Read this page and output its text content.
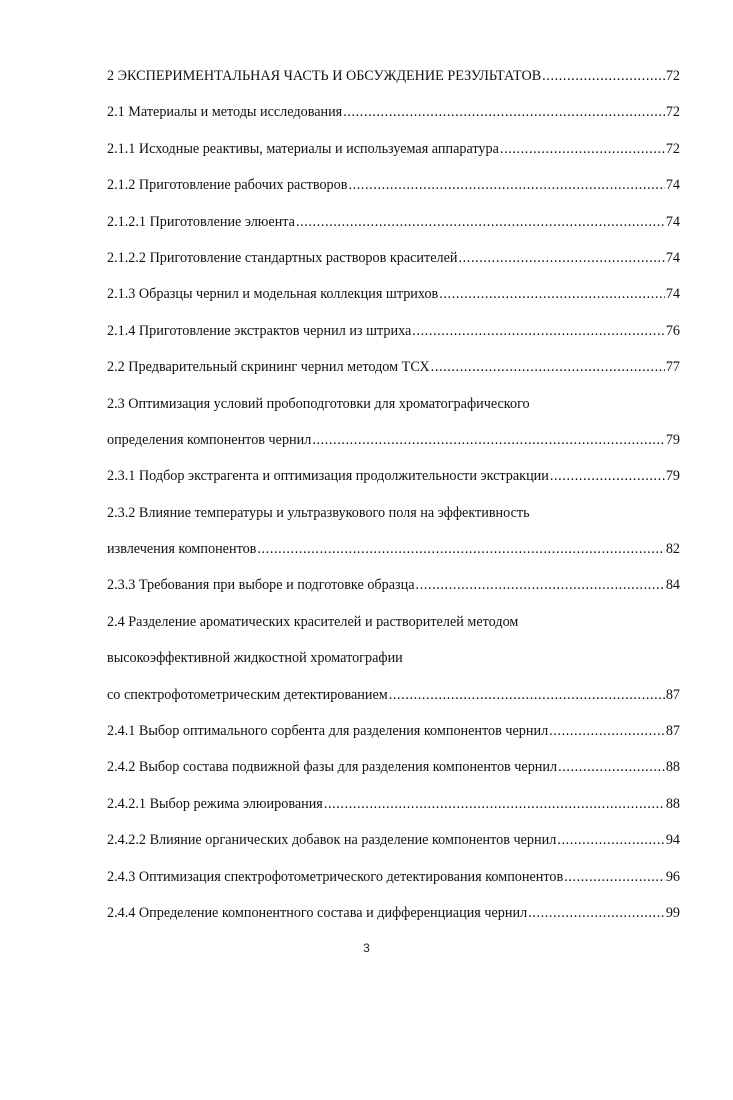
2 ЭКСПЕРИМЕНТАЛЬНАЯ ЧАСТЬ И ОБСУЖДЕНИЕ РЕЗУЛЬТАТОВ .....	72
2.1 Материалы и методы исследования .....	72
2.1.1 Исходные реактивы, материалы и используемая аппаратура .....	72
2.1.2 Приготовление рабочих растворов .....	74
2.1.2.1 Приготовление элюента .....	74
2.1.2.2 Приготовление стандартных растворов красителей .....	74
2.1.3 Образцы чернил и модельная коллекция штрихов .....	74
2.1.4 Приготовление экстрактов чернил из штриха .....	76
2.2 Предварительный скрининг чернил методом ТСХ .....	77
2.3 Оптимизация условий пробоподготовки для хроматографического
определения компонентов чернил .....	79
2.3.1 Подбор экстрагента и оптимизация продолжительности экстракции .....	79
2.3.2 Влияние температуры и ультразвукового поля на эффективность
извлечения компонентов .....	82
2.3.3 Требования при выборе и подготовке образца .....	84
2.4 Разделение ароматических красителей и растворителей методом
высокоэффективной жидкостной хроматографии
со спектрофотометрическим детектированием .....	87
2.4.1 Выбор оптимального сорбента для разделения компонентов чернил .....	87
2.4.2 Выбор состава подвижной фазы для разделения компонентов чернил .....	88
2.4.2.1 Выбор режима элюирования .....	88
2.4.2.2 Влияние органических добавок на разделение компонентов чернил .....	94
2.4.3 Оптимизация спектрофотометрического детектирования компонентов .....	96
2.4.4 Определение компонентного состава и дифференциация чернил .....	99
3
